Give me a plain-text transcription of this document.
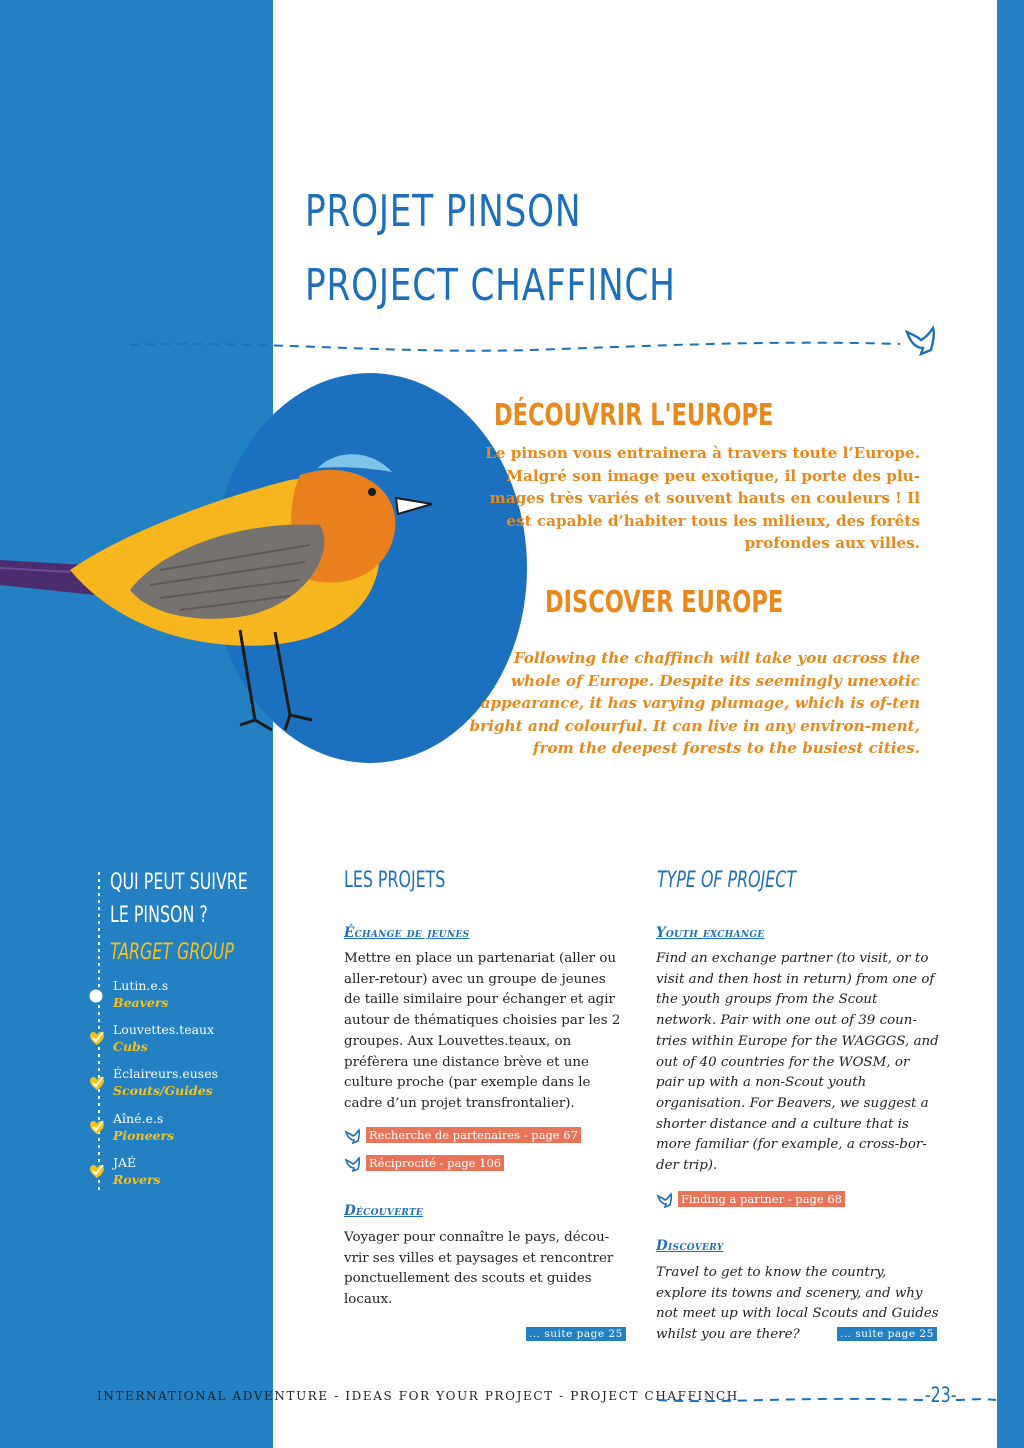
PROJET PINSON
PROJECT CHAFFINCH
DÉCOUVRIR L'EUROPE
Le pinson vous entrainera à travers toute l’Europe. Malgré son image peu exotique, il porte des plu-mages très variés et souvent hauts en couleurs ! Il est capable d’habiter tous les milieux, des forêts profondes aux villes.
DISCOVER EUROPE
Following the chaffinch will take you across the whole of Europe. Despite its seemingly unexotic appearance, it has varying plumage, which is of-ten bright and colourful. It can live in any environ-ment, from the deepest forests to the busiest cities.
QUI PEUT SUIVRE
LE PINSON ?
TARGET GROUP
Lutin.e.s
Beavers
Louvettes.teaux
Cubs
Éclaireurs.euses
Scouts/Guides
Aîné.e.s
Pioneers
JAÉ
Rovers
LES PROJETS
Échange de jeunes
Mettre en place un partenariat (aller ou aller-retour) avec un groupe de jeunes de taille similaire pour échanger et agir autour de thématiques choisies par les 2 groupes. Aux Louvettes.teaux, on préfèrera une distance brève et une culture proche (par exemple dans le cadre d’un projet transfrontalier).
Recherche de partenaires - page 67
Réciprocité - page 106
Découverte
Voyager pour connaître le pays, décou-vrir ses villes et paysages et rencontrer ponctuellement des scouts et guides locaux.
... suite page 25
TYPE OF PROJECT
Youth exchange
Find an exchange partner (to visit, or to visit and then host in return) from one of the youth groups from the Scout network. Pair with one out of 39 coun-tries within Europe for the WAGGGS, and out of 40 countries for the WOSM, or pair up with a non-Scout youth organisation. For Beavers, we suggest a shorter distance and a culture that is more familiar (for example, a cross-bor-der trip).
Finding a partner - page 68
Discovery
Travel to get to know the country, explore its towns and scenery, and why not meet up with local Scouts and Guides whilst you are there?	... suite page 25
INTERNATIONAL ADVENTURE - IDEAS FOR YOUR PROJECT - PROJECT CHAFFINCH	-23-
